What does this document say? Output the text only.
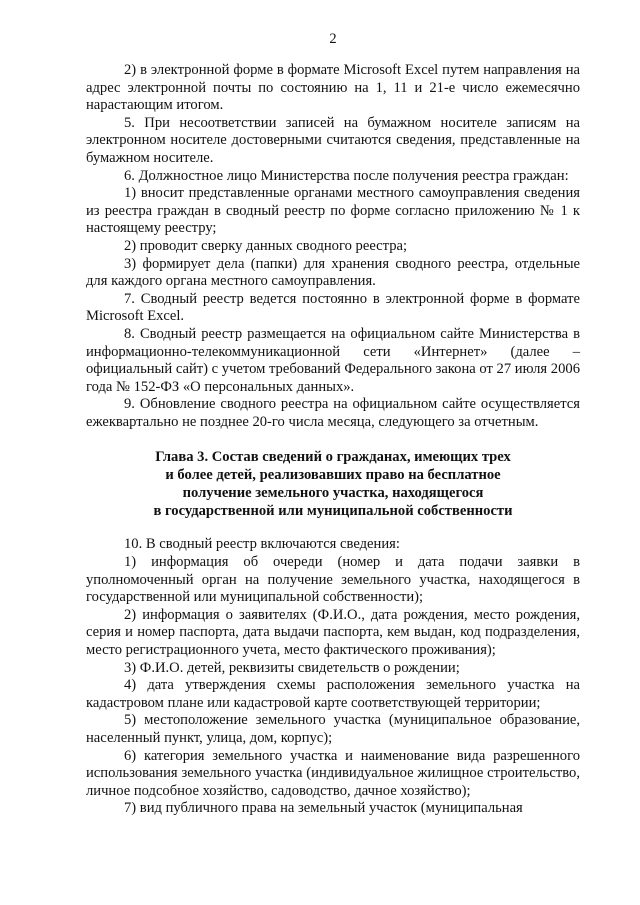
2

2) в электронной форме в формате Microsoft Excel путем направления на адрес электронной почты по состоянию на 1, 11 и 21-е число ежемесячно нарастающим итогом.

5. При несоответствии записей на бумажном носителе записям на электронном носителе достоверными считаются сведения, представленные на бумажном носителе.

6. Должностное лицо Министерства после получения реестра граждан:

1) вносит представленные органами местного самоуправления сведения из реестра граждан в сводный реестр по форме согласно приложению № 1 к настоящему реестру;

2) проводит сверку данных сводного реестра;

3) формирует дела (папки) для хранения сводного реестра, отдельные для каждого органа местного самоуправления.

7. Сводный реестр ведется постоянно в электронной форме в формате Microsoft Excel.

8. Сводный реестр размещается на официальном сайте Министерства в информационно-телекоммуникационной сети «Интернет» (далее – официальный сайт) с учетом требований Федерального закона от 27 июля 2006 года № 152-ФЗ «О персональных данных».

9. Обновление сводного реестра на официальном сайте осуществляется ежеквартально не позднее 20-го числа месяца, следующего за отчетным.

Глава 3. Состав сведений о гражданах, имеющих трех
и более детей, реализовавших право на бесплатное
получение земельного участка, находящегося
в государственной или муниципальной собственности

10. В сводный реестр включаются сведения:

1) информация об очереди (номер и дата подачи заявки в уполномоченный орган на получение земельного участка, находящегося в государственной или муниципальной собственности);

2) информация о заявителях (Ф.И.О., дата рождения, место рождения, серия и номер паспорта, дата выдачи паспорта, кем выдан, код подразделения, место регистрационного учета, место фактического проживания);

3) Ф.И.О. детей, реквизиты свидетельств о рождении;

4) дата утверждения схемы расположения земельного участка на кадастровом плане или кадастровой карте соответствующей территории;

5) местоположение земельного участка (муниципальное образование, населенный пункт, улица, дом, корпус);

6) категория земельного участка и наименование вида разрешенного использования земельного участка (индивидуальное жилищное строительство, личное подсобное хозяйство, садоводство, дачное хозяйство);

7) вид публичного права на земельный участок (муниципальная
